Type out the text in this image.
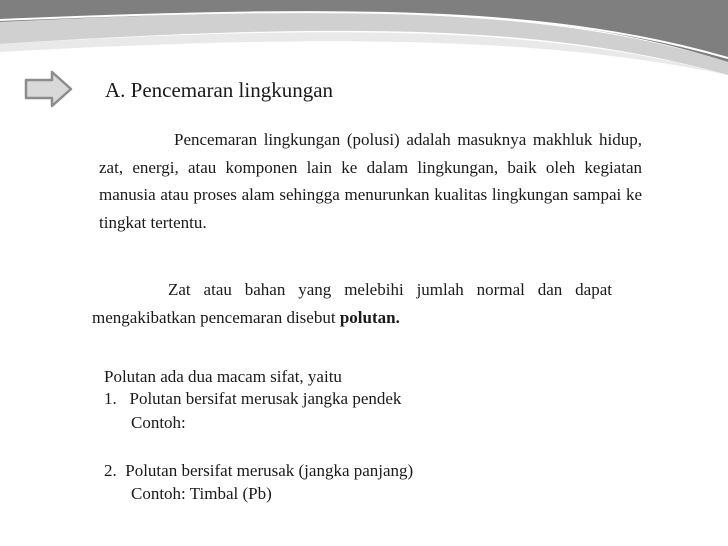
A. Pencemaran lingkungan
Pencemaran lingkungan (polusi) adalah masuknya makhluk hidup, zat, energi, atau komponen lain ke dalam lingkungan, baik oleh kegiatan manusia atau proses alam sehingga menurunkan kualitas lingkungan sampai ke tingkat tertentu.
Zat atau bahan yang melebihi jumlah normal dan dapat mengakibatkan pencemaran disebut polutan.
Polutan ada dua macam sifat, yaitu
1. Polutan bersifat merusak jangka pendek
Contoh:
2. Polutan bersifat merusak (jangka panjang)
Contoh: Timbal (Pb)
